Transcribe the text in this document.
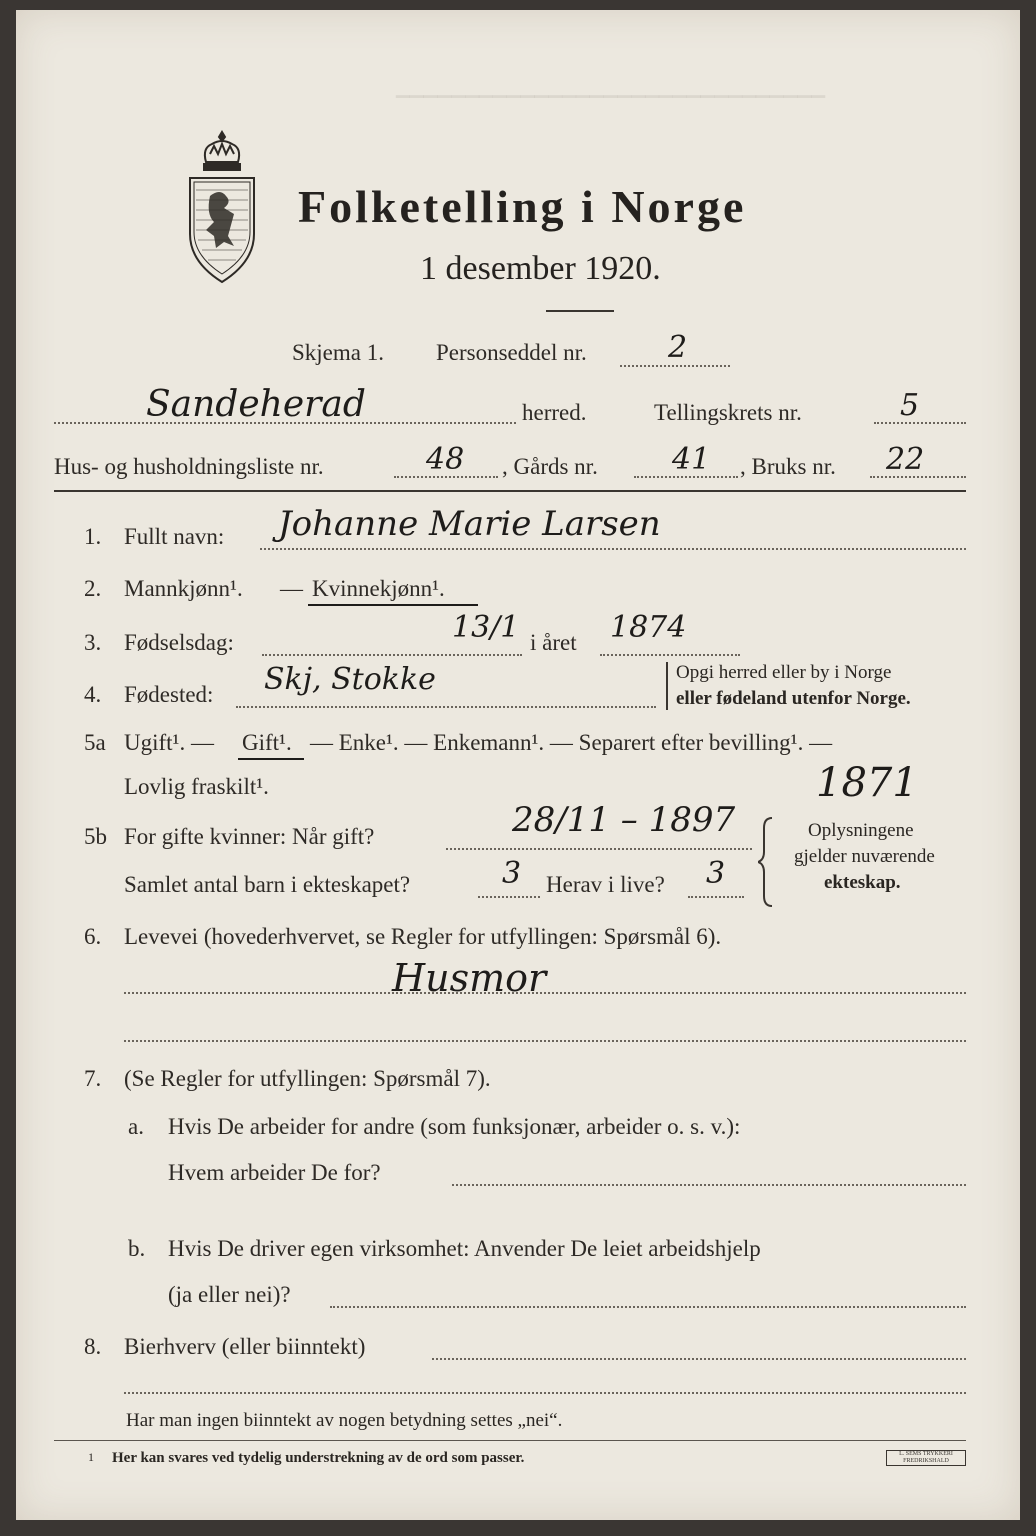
▔▔▔▔▔▔▔▔▔▔▔▔▔▔▔▔▔▔▔▔▔▔▔▔▔▔▔▔▔▔▔
Folketelling i Norge
1 desember 1920.
Skjema 1. Personseddel nr.	2
Sandeherad	herred.	Tellingskrets nr.	5
Hus- og husholdningsliste nr.	48 , Gårds nr. 41 , Bruks nr. 22
1. Fullt navn: Johanne Marie Larsen
2. Mannkjønn¹. — Kvinnekjønn¹.
3. Fødselsdag:	13/1 i året 1874
4. Fødested: Skj, Stokke	Opgi herred eller by i Norge
eller fødeland utenfor Norge.
5a Ugift¹. — Gift¹. — Enke¹. — Enkemann¹. — Separert efter bevilling¹. —
Lovlig fraskilt¹.	1871
5b For gifte kvinner: Når gift?	28/11 – 1897
Samlet antal barn i ekteskapet?	3 Herav i live? 3
Oplysningene
gjelder nuværende
ekteskap.
6. Levevei (hovederhvervet, se Regler for utfyllingen: Spørsmål 6).
Husmor
7. (Se Regler for utfyllingen: Spørsmål 7).
a. Hvis De arbeider for andre (som funksjonær, arbeider o. s. v.):
Hvem arbeider De for?
b. Hvis De driver egen virksomhet: Anvender De leiet arbeidshjelp
(ja eller nei)?
8. Bierhverv (eller biinntekt)
Har man ingen biinntekt av nogen betydning settes „nei“.
1 Her kan svares ved tydelig understrekning av de ord som passer.	L. SEMS TRYKKERI FREDRIKSHALD
